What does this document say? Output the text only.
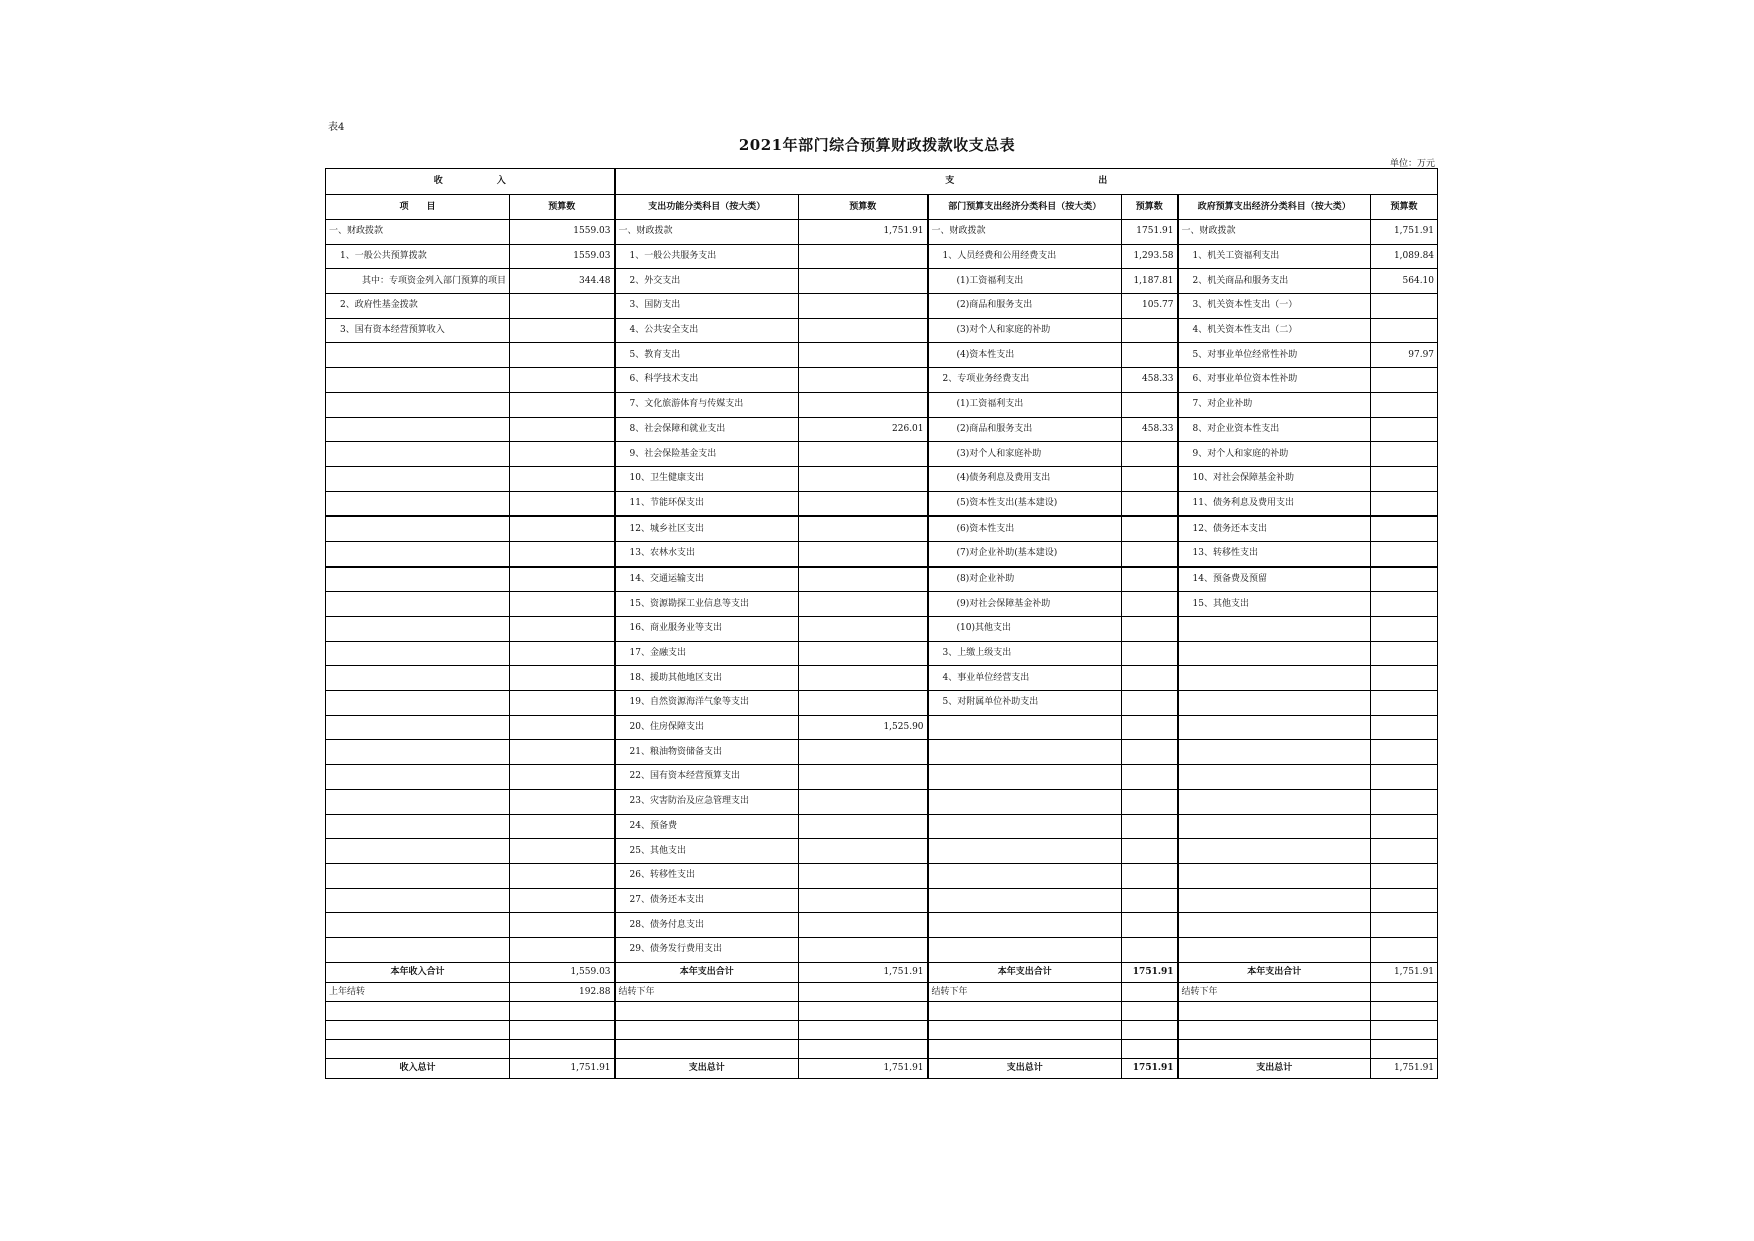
表4
2021年部门综合预算财政拨款收支总表
单位：万元
收　　　　　　入		支　　　　　　　　　　　　　　　　出					
项　　目	预算数	支出功能分类科目（按大类）	预算数	部门预算支出经济分类科目（按大类）	预算数	政府预算支出经济分类科目（按大类）	预算数
一、财政拨款	1559.03	一、财政拨款	1,751.91	一、财政拨款	1751.91	一、财政拨款	1,751.91
1、一般公共预算拨款	1559.03	1、一般公共服务支出		1、人员经费和公用经费支出	1,293.58	1、机关工资福利支出	1,089.84
其中：专项资金列入部门预算的项目	344.48	2、外交支出		(1)工资福利支出	1,187.81	2、机关商品和服务支出	564.10
2、政府性基金拨款		3、国防支出		(2)商品和服务支出	105.77	3、机关资本性支出（一）	
3、国有资本经营预算收入		4、公共安全支出		(3)对个人和家庭的补助		4、机关资本性支出（二）	
		5、教育支出		(4)资本性支出		5、对事业单位经常性补助	97.97
		6、科学技术支出		2、专项业务经费支出	458.33	6、对事业单位资本性补助	
		7、文化旅游体育与传媒支出		(1)工资福利支出		7、对企业补助	
		8、社会保障和就业支出	226.01	(2)商品和服务支出	458.33	8、对企业资本性支出	
		9、社会保险基金支出		(3)对个人和家庭补助		9、对个人和家庭的补助	
		10、卫生健康支出		(4)债务利息及费用支出		10、对社会保障基金补助	
		11、节能环保支出		(5)资本性支出(基本建设)		11、债务利息及费用支出	
		12、城乡社区支出		(6)资本性支出		12、债务还本支出	
		13、农林水支出		(7)对企业补助(基本建设)		13、转移性支出	
		14、交通运输支出		(8)对企业补助		14、预备费及预留	
		15、资源勘探工业信息等支出		(9)对社会保障基金补助		15、其他支出	
		16、商业服务业等支出		(10)其他支出			
		17、金融支出		3、上缴上级支出			
		18、援助其他地区支出		4、事业单位经营支出			
		19、自然资源海洋气象等支出		5、对附属单位补助支出			
		20、住房保障支出	1,525.90				
		21、粮油物资储备支出					
		22、国有资本经营预算支出					
		23、灾害防治及应急管理支出					
		24、预备费					
		25、其他支出					
		26、转移性支出					
		27、债务还本支出					
		28、债务付息支出					
		29、债务发行费用支出					
本年收入合计	1,559.03	本年支出合计	1,751.91	本年支出合计	1751.91	本年支出合计	1,751.91
上年结转	192.88	结转下年		结转下年		结转下年	

收入总计	1,751.91	支出总计	1,751.91	支出总计	1751.91	支出总计	1,751.91
